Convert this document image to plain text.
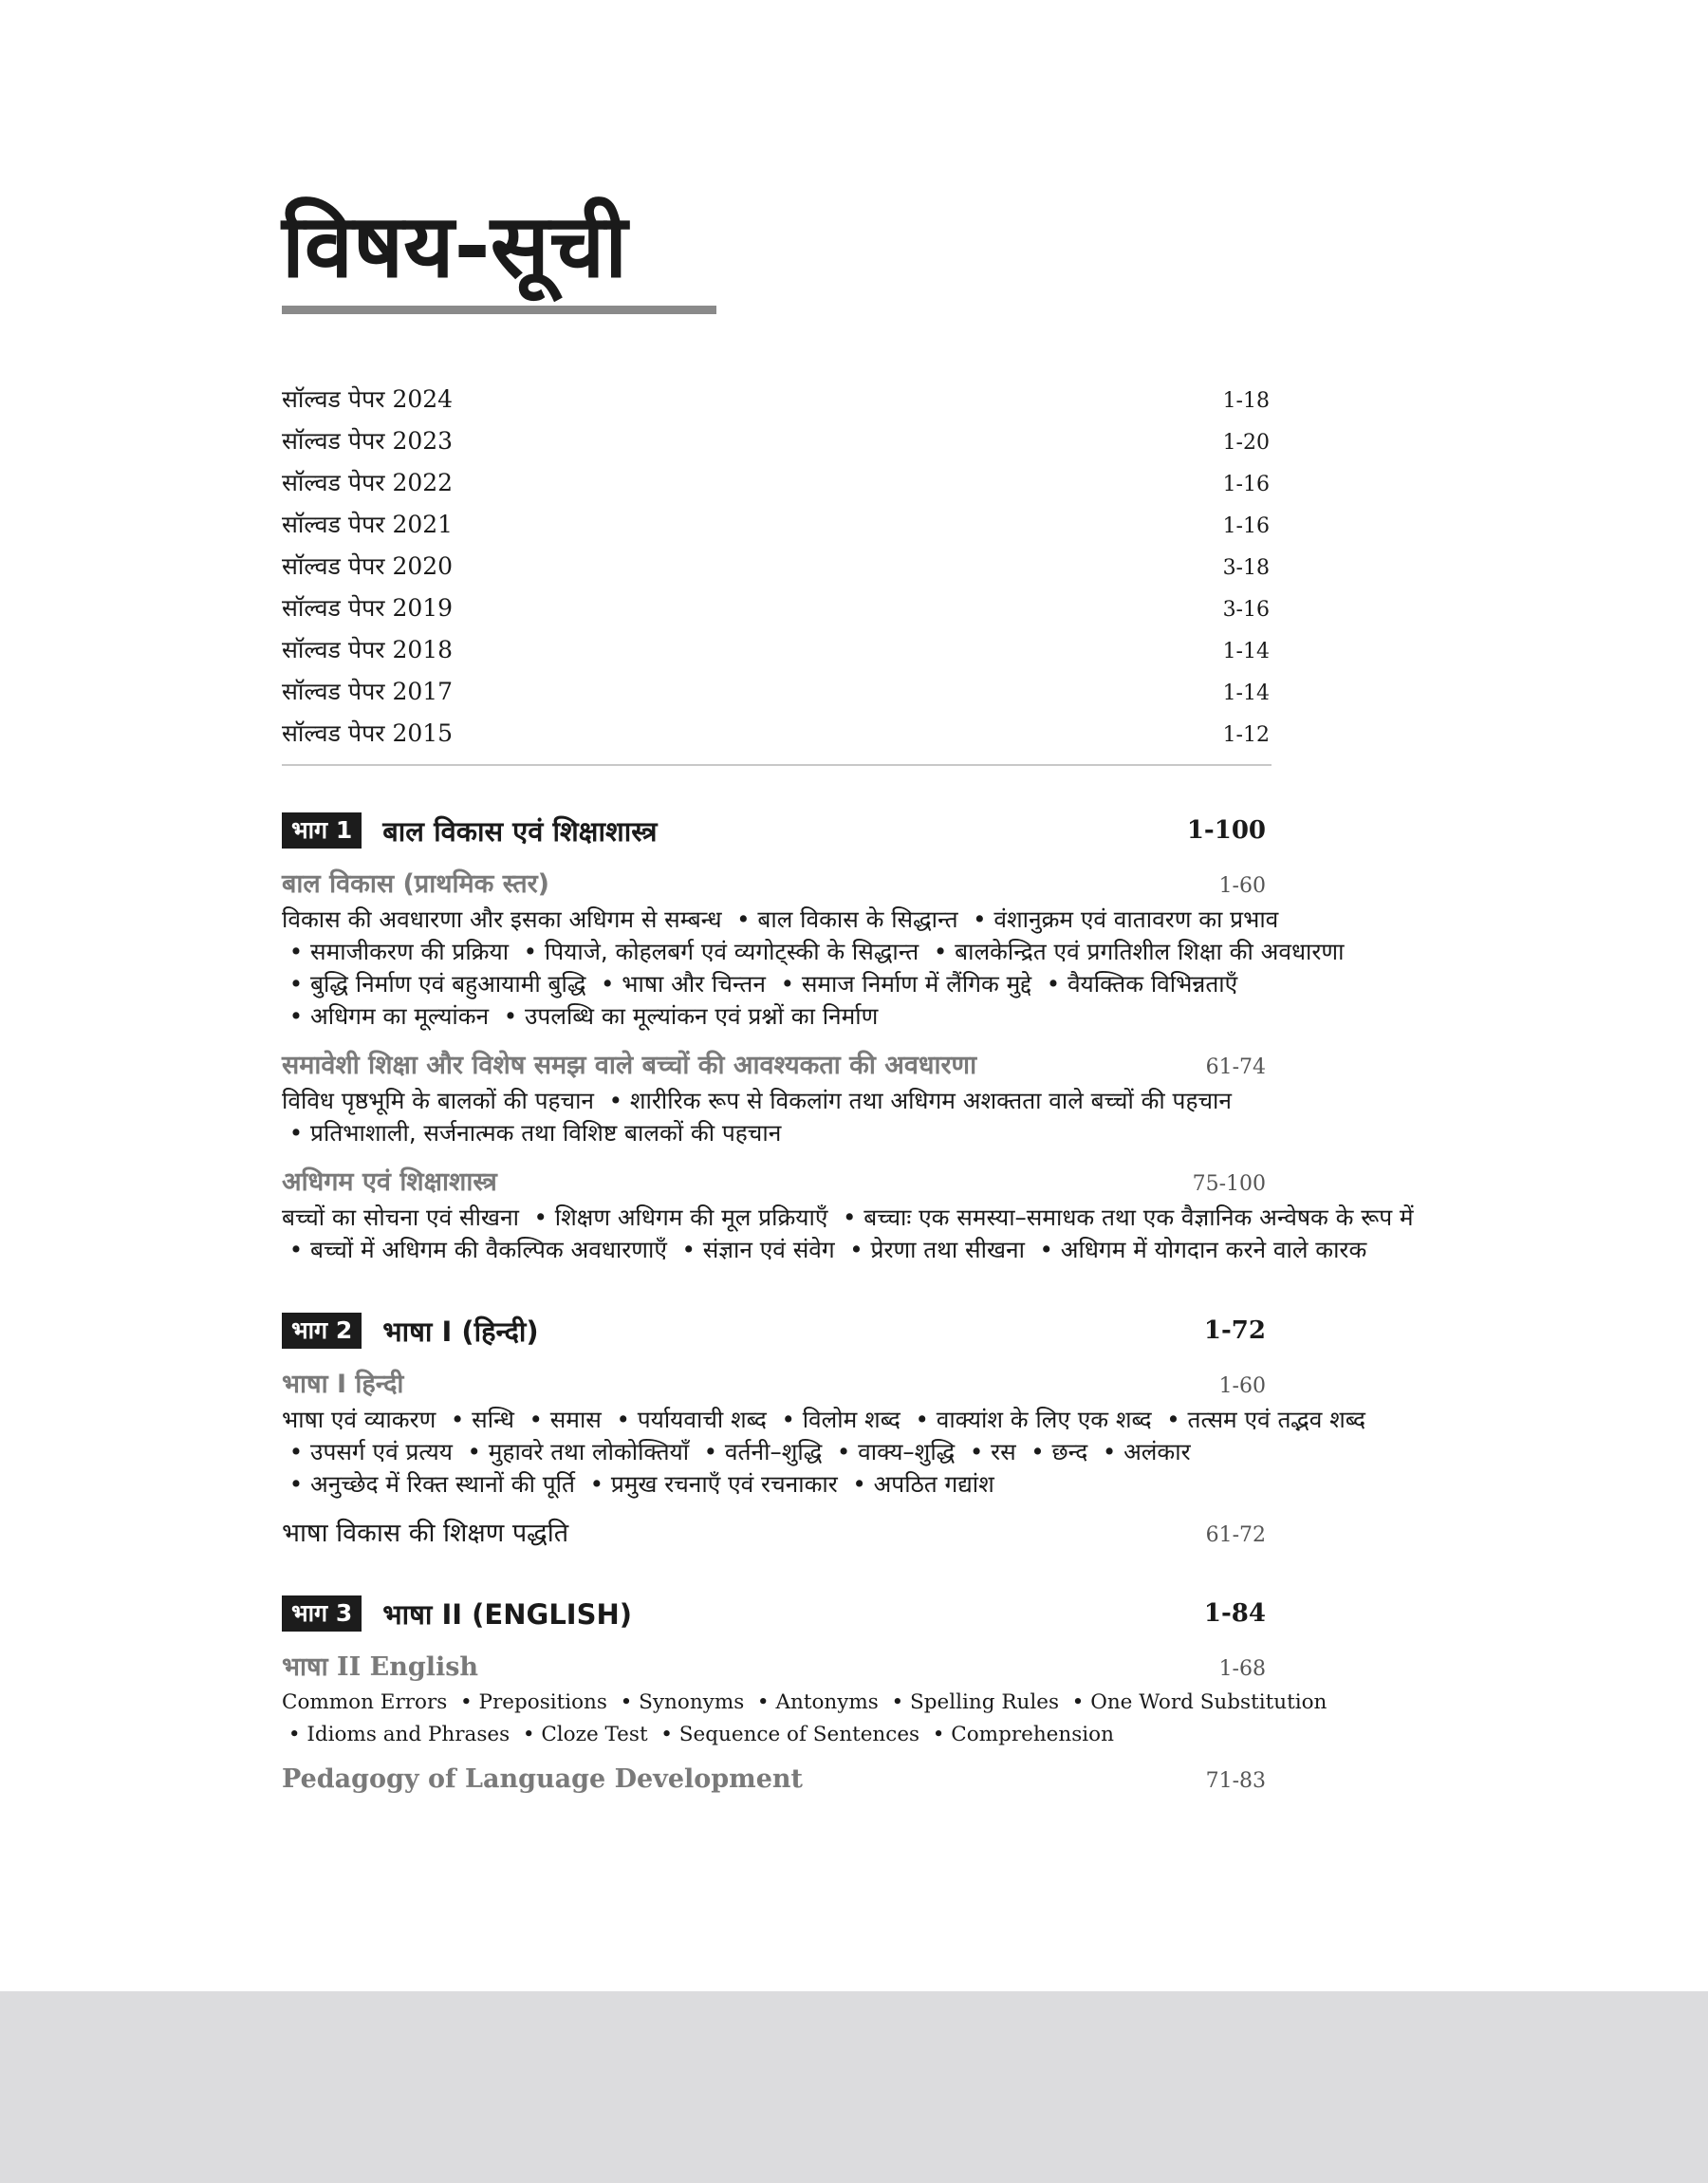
विषय-सूची
सॉल्वड पेपर 2024	1-18
सॉल्वड पेपर 2023	1-20
सॉल्वड पेपर 2022	1-16
सॉल्वड पेपर 2021	1-16
सॉल्वड पेपर 2020	3-18
सॉल्वड पेपर 2019	3-16
सॉल्वड पेपर 2018	1-14
सॉल्वड पेपर 2017	1-14
सॉल्वड पेपर 2015	1-12
भाग 1	बाल विकास एवं शिक्षाशास्त्र	1-100
बाल विकास (प्राथमिक स्तर)	1-60
विकास की अवधारणा और इसका अधिगम से सम्बन्ध • बाल विकास के सिद्धान्त • वंशानुक्रम एवं वातावरण का प्रभाव  • समाजीकरण की प्रक्रिया • पियाजे, कोहलबर्ग एवं व्यगोट्स्की के सिद्धान्त • बालकेन्द्रित एवं प्रगतिशील शिक्षा की अवधारणा  • बुद्धि निर्माण एवं बहुआयामी बुद्धि • भाषा और चिन्तन • समाज निर्माण में लैंगिक मुद्दे • वैयक्तिक विभिन्नताएँ  • अधिगम का मूल्यांकन • उपलब्धि का मूल्यांकन एवं प्रश्नों का निर्माण
समावेशी शिक्षा और विशेष समझ वाले बच्चों की आवश्यकता की अवधारणा	61-74
विविध पृष्ठभूमि के बालकों की पहचान • शारीरिक रूप से विकलांग तथा अधिगम अशक्तता वाले बच्चों की पहचान  • प्रतिभाशाली, सर्जनात्मक तथा विशिष्ट बालकों की पहचान
अधिगम एवं शिक्षाशास्त्र	75-100
बच्चों का सोचना एवं सीखना • शिक्षण अधिगम की मूल प्रक्रियाएँ • बच्चाः एक समस्या–समाधक तथा एक वैज्ञानिक अन्वेषक के रूप में  • बच्चों में अधिगम की वैकल्पिक अवधारणाएँ • संज्ञान एवं संवेग • प्रेरणा तथा सीखना • अधिगम में योगदान करने वाले कारक
भाग 2	भाषा I (हिन्दी)	1-72
भाषा I हिन्दी	1-60
भाषा एवं व्याकरण • सन्धि • समास • पर्यायवाची शब्द • विलोम शब्द • वाक्यांश के लिए एक शब्द • तत्सम एवं तद्भव शब्द  • उपसर्ग एवं प्रत्यय • मुहावरे तथा लोकोक्तियाँ • वर्तनी–शुद्धि • वाक्य–शुद्धि • रस • छन्द • अलंकार  • अनुच्छेद में रिक्त स्थानों की पूर्ति • प्रमुख रचनाएँ एवं रचनाकार • अपठित गद्यांश
भाषा विकास की शिक्षण पद्धति	61-72
भाग 3	भाषा II (ENGLISH)	1-84
भाषा II English	1-68
Common Errors • Prepositions • Synonyms • Antonyms • Spelling Rules • One Word Substitution  • Idioms and Phrases • Cloze Test • Sequence of Sentences • Comprehension
Pedagogy of Language Development	71-83
